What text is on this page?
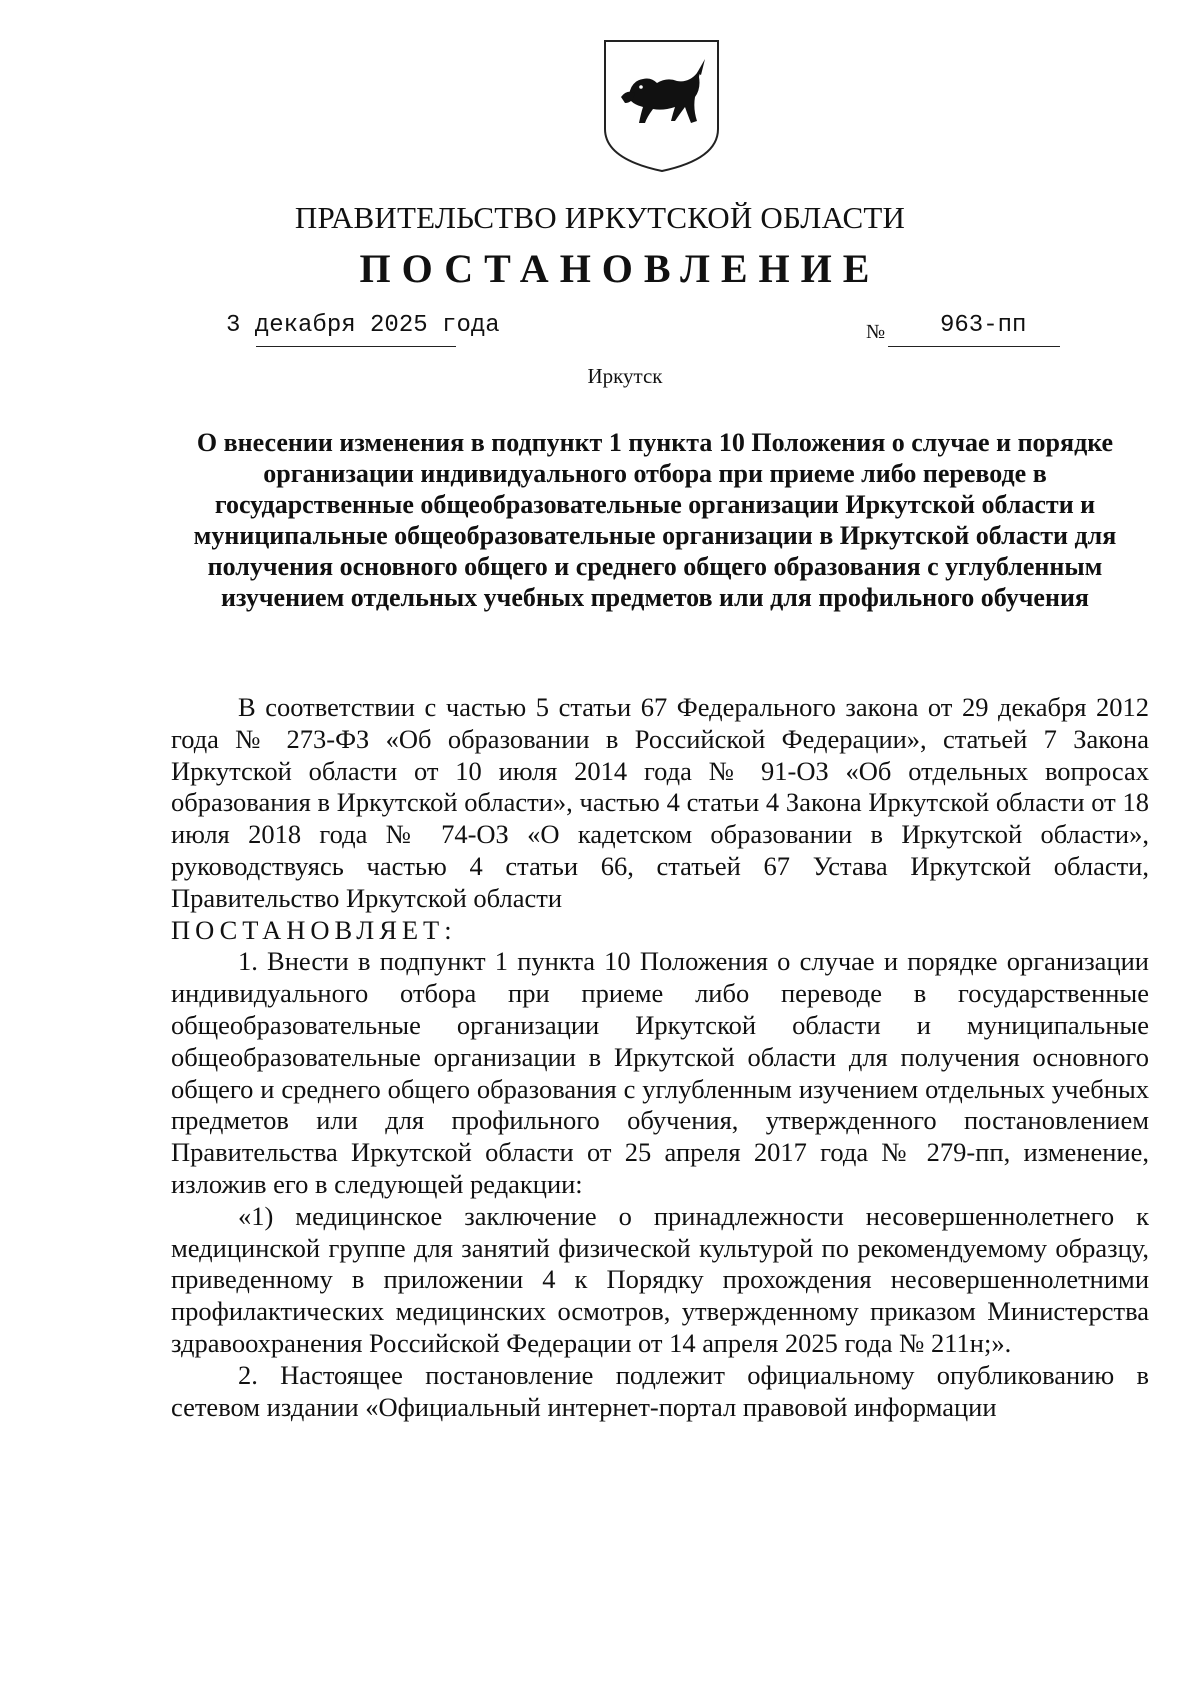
ПРАВИТЕЛЬСТВО ИРКУТСКОЙ ОБЛАСТИ
ПОСТАНОВЛЕНИЕ
3 декабря 2025 года	№ 963-пп
Иркутск
О внесении изменения в подпункт 1 пункта 10 Положения о случае и порядке организации индивидуального отбора при приеме либо переводе в государственные общеобразовательные организации Иркутской области и муниципальные общеобразовательные организации в Иркутской области для получения основного общего и среднего общего образования с углубленным изучением отдельных учебных предметов или для профильного обучения

В соответствии с частью 5 статьи 67 Федерального закона от 29 декабря 2012 года № 273-ФЗ «Об образовании в Российской Федерации», статьей 7 Закона Иркутской области от 10 июля 2014 года № 91-ОЗ «Об отдельных вопросах образования в Иркутской области», частью 4 статьи 4 Закона Иркутской области от 18 июля 2018 года № 74-ОЗ «О кадетском образовании в Иркутской области», руководствуясь частью 4 статьи 66, статьей 67 Устава Иркутской области, Правительство Иркутской области

ПОСТАНОВЛЯЕТ:

1. Внести в подпункт 1 пункта 10 Положения о случае и порядке организации индивидуального отбора при приеме либо переводе в государственные общеобразовательные организации Иркутской области и муниципальные общеобразовательные организации в Иркутской области для получения основного общего и среднего общего образования с углубленным изучением отдельных учебных предметов или для профильного обучения, утвержденного постановлением Правительства Иркутской области от 25 апреля 2017 года № 279-пп, изменение, изложив его в следующей редакции:

«1) медицинское заключение о принадлежности несовершеннолетнего к медицинской группе для занятий физической культурой по рекомендуемому образцу, приведенному в приложении 4 к Порядку прохождения несовершеннолетними профилактических медицинских осмотров, утвержденному приказом Министерства здравоохранения Российской Федерации от 14 апреля 2025 года № 211н;».

2. Настоящее постановление подлежит официальному опубликованию в сетевом издании «Официальный интернет-портал правовой информации
